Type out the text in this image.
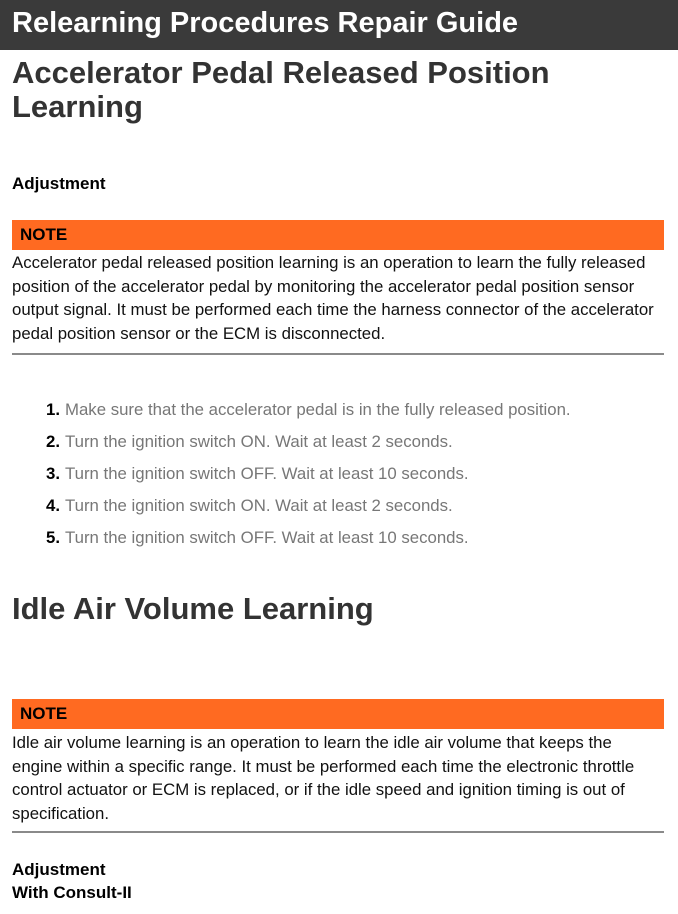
Relearning Procedures Repair Guide
Accelerator Pedal Released Position Learning
Adjustment
NOTE
Accelerator pedal released position learning is an operation to learn the fully released position of the accelerator pedal by monitoring the accelerator pedal position sensor output signal. It must be performed each time the harness connector of the accelerator pedal position sensor or the ECM is disconnected.
1. Make sure that the accelerator pedal is in the fully released position.
2. Turn the ignition switch ON. Wait at least 2 seconds.
3. Turn the ignition switch OFF. Wait at least 10 seconds.
4. Turn the ignition switch ON. Wait at least 2 seconds.
5. Turn the ignition switch OFF. Wait at least 10 seconds.
Idle Air Volume Learning
NOTE
Idle air volume learning is an operation to learn the idle air volume that keeps the engine within a specific range. It must be performed each time the electronic throttle control actuator or ECM is replaced, or if the idle speed and ignition timing is out of specification.
Adjustment
With Consult-II
